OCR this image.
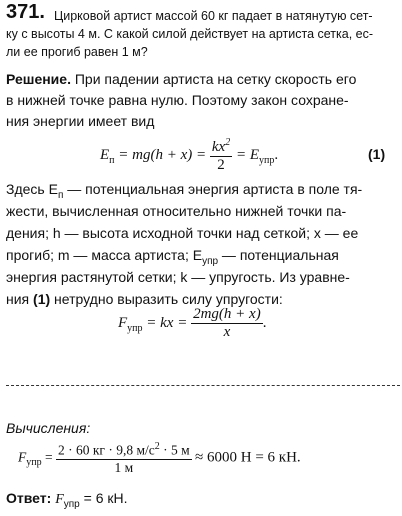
371. Цирковой артист массой 60 кг падает в натянутую сет-
ку с высоты 4 м. С какой силой действует на артиста сетка, ес-
ли ее прогиб равен 1 м?
Решение. При падении артиста на сетку скорость его
в нижней точке равна нулю. Поэтому закон сохране-
ния энергии имеет вид
$E_п = mg(h + x) = \frac{kx^2}{2} = E_{упр}$.	(1)
Здесь $E_п$ — потенциальная энергия артиста в поле тя-
жести, вычисленная относительно нижней точки па-
дения; h — высота исходной точки над сеткой; x — ее
прогиб; m — масса артиста; $E_{упр}$ — потенциальная
энергия растянутой сетки; k — упругость. Из уравне-
ния (1) нетрудно выразить силу упругости:
$F_{упр}$ = kx = $\frac{2mg(h + x)}{x}$ .
Вычисления:
$F_{упр} = \frac{2 \cdot 60 кг \cdot 9,8 м/с^2 \cdot 5 м}{1 м} \approx 6000$ Н = 6 кН.
Ответ: $F_{упр} = 6$ кН.
